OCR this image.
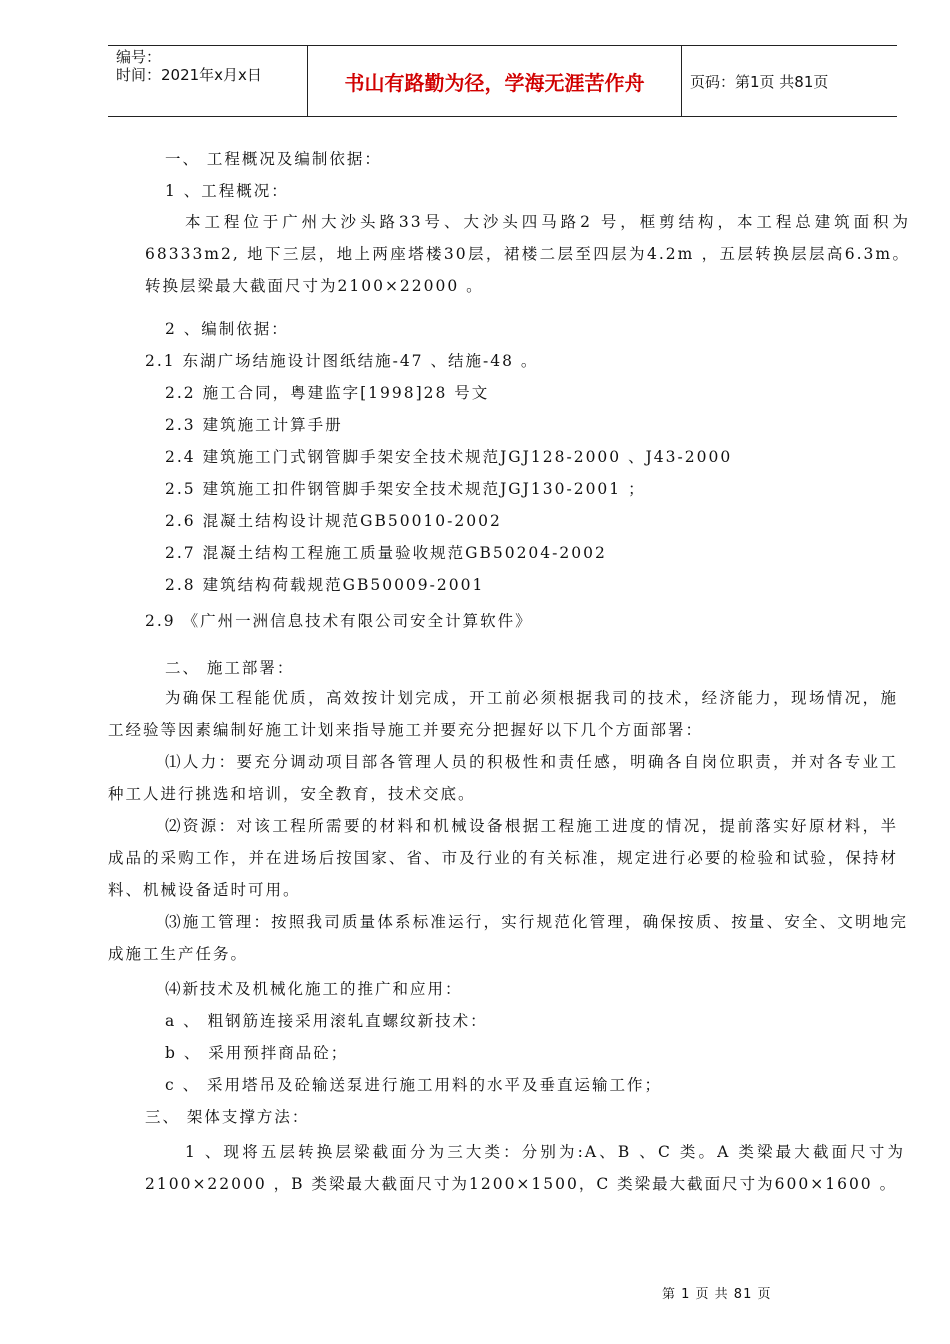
编号：
时间：2021年x月x日	书山有路勤为径，学海无涯苦作舟	页码：第1页 共81页
一、 工程概况及编制依据：
1 、工程概况：
本工程位于广州大沙头路33号、大沙头四马路2 号，框剪结构，本工程总建筑面积为68333m2, 地下三层，地上两座塔楼30层，裙楼二层至四层为4.2m ，五层转换层层高6.3m。转换层梁最大截面尺寸为2100×22000 。
2 、编制依据：
2.1 东湖广场结施设计图纸结施-47 、结施-48 。
2.2 施工合同，粤建监字[1998]28 号文
2.3 建筑施工计算手册
2.4 建筑施工门式钢管脚手架安全技术规范JGJ128-2000 、J43-2000
2.5 建筑施工扣件钢管脚手架安全技术规范JGJ130-2001 ；
2.6 混凝土结构设计规范GB50010-2002
2.7 混凝土结构工程施工质量验收规范GB50204-2002
2.8 建筑结构荷载规范GB50009-2001
2.9 《广州一洲信息技术有限公司安全计算软件》
二、 施工部署：
为确保工程能优质，高效按计划完成，开工前必须根据我司的技术，经济能力，现场情况，施工经验等因素编制好施工计划来指导施工并要充分把握好以下几个方面部署：
⑴人力：要充分调动项目部各管理人员的积极性和责任感，明确各自岗位职责，并对各专业工种工人进行挑选和培训，安全教育，技术交底。
⑵资源：对该工程所需要的材料和机械设备根据工程施工进度的情况，提前落实好原材料，半成品的采购工作，并在进场后按国家、省、市及行业的有关标准，规定进行必要的检验和试验，保持材料、机械设备适时可用。
⑶施工管理：按照我司质量体系标准运行，实行规范化管理，确保按质、按量、安全、文明地完成施工生产任务。
⑷新技术及机械化施工的推广和应用：
a 、 粗钢筋连接采用滚轧直螺纹新技术：
b 、 采用预拌商品砼；
c 、 采用塔吊及砼输送泵进行施工用料的水平及垂直运输工作；
三、 架体支撑方法：
1 、现将五层转换层梁截面分为三大类：分别为:A、B 、C 类。A 类梁最大截面尺寸为2100×22000 ，B 类梁最大截面尺寸为1200×1500，C 类梁最大截面尺寸为600×1600 。
第 1 页 共 81 页
